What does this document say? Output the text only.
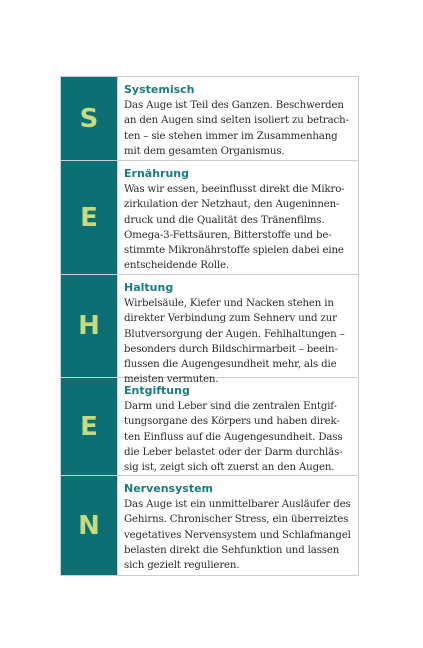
S
Systemisch

Das Auge ist Teil des Ganzen. Beschwerden
an den Augen sind selten isoliert zu betrach-
ten – sie stehen immer im Zusammenhang
mit dem gesamten Organismus.

E
Ernährung

Was wir essen, beeinflusst direkt die Mikro-
zirkulation der Netzhaut, den Augeninnen-
druck und die Qualität des Tränenfilms.
Omega-3-Fettsäuren, Bitterstoffe und be-
stimmte Mikronährstoffe spielen dabei eine
entscheidende Rolle.

H
Haltung

Wirbelsäule, Kiefer und Nacken stehen in
direkter Verbindung zum Sehnerv und zur
Blutversorgung der Augen. Fehlhaltungen –
besonders durch Bildschirmarbeit – beein-
flussen die Augengesundheit mehr, als die
meisten vermuten.

E
Entgiftung

Darm und Leber sind die zentralen Entgif-
tungsorgane des Körpers und haben direk-
ten Einfluss auf die Augengesundheit. Dass
die Leber belastet oder der Darm durchläs-
sig ist, zeigt sich oft zuerst an den Augen.

N
Nervensystem

Das Auge ist ein unmittelbarer Ausläufer des
Gehirns. Chronischer Stress, ein überreiztes
vegetatives Nervensystem und Schlafmangel
belasten direkt die Sehfunktion und lassen
sich gezielt regulieren.
